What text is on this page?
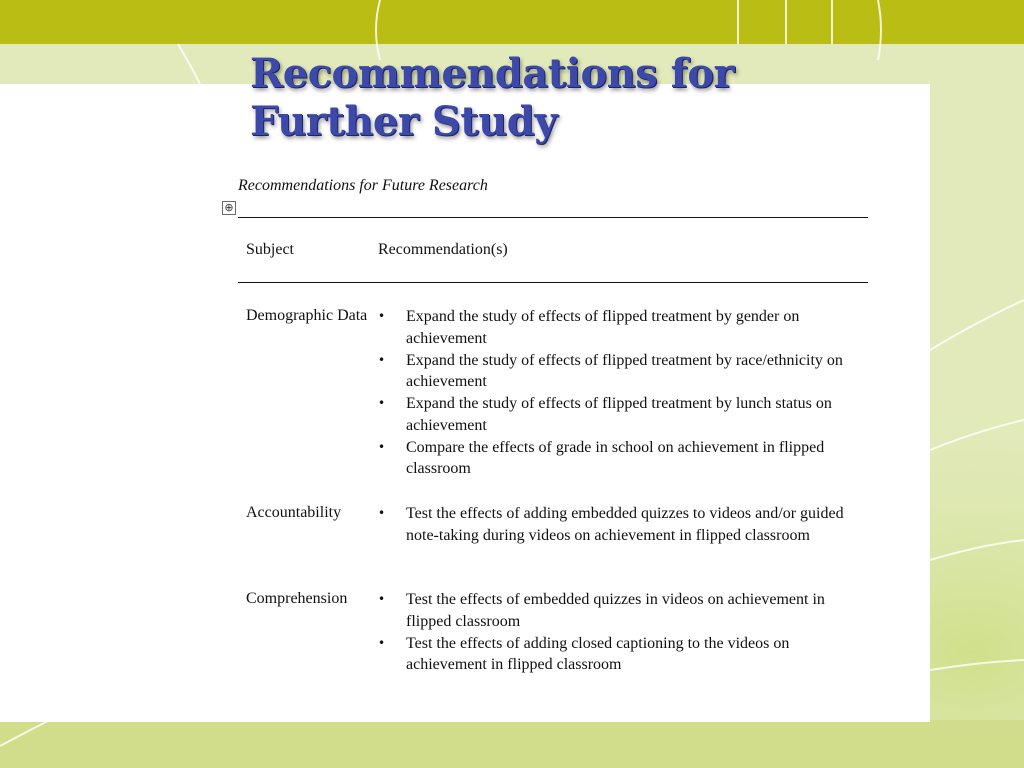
Recommendations for Further Study
Recommendations for Future Research
⊕
Subject	Recommendation(s)
Demographic Data • Expand the study of effects of flipped treatment by gender on achievement
• Expand the study of effects of flipped treatment by race/ethnicity on achievement
• Expand the study of effects of flipped treatment by lunch status on achievement
• Compare the effects of grade in school on achievement in flipped classroom
Accountability	• Test the effects of adding embedded quizzes to videos and/or guided note-taking during videos on achievement in flipped classroom
Comprehension	• Test the effects of embedded quizzes in videos on achievement in flipped classroom
• Test the effects of adding closed captioning to the videos on achievement in flipped classroom
